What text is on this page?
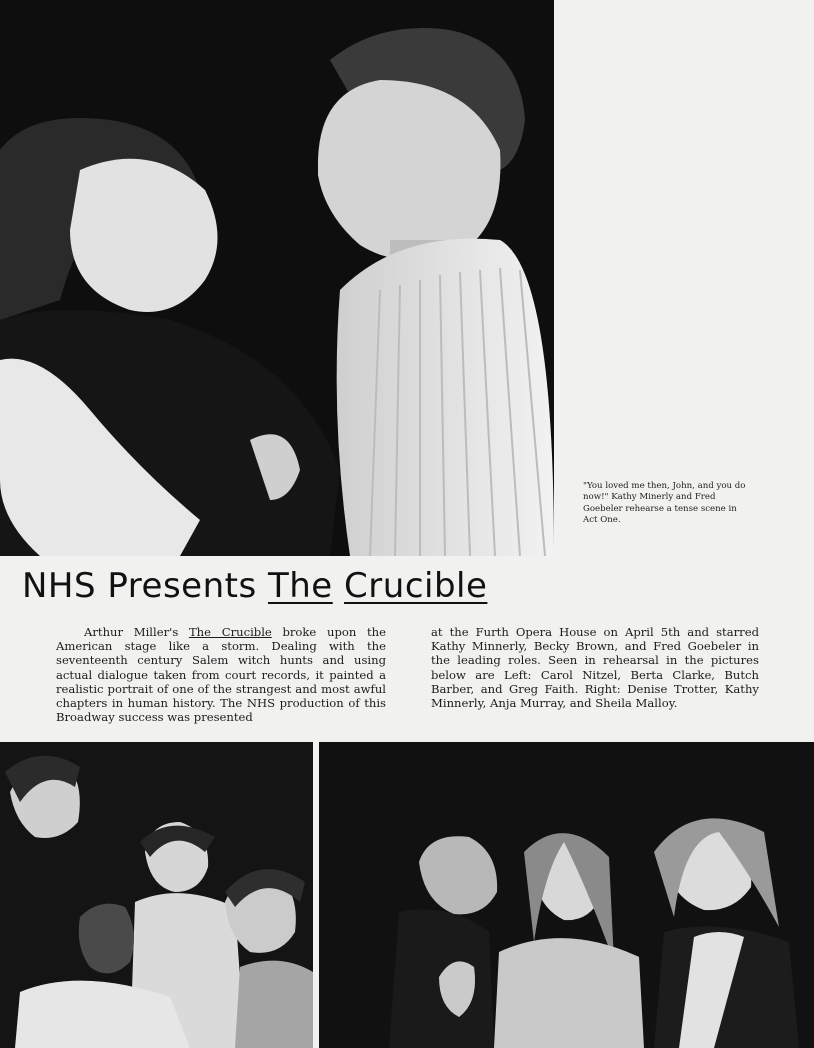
"You loved me then, John, and you do now!" Kathy Minerly and Fred Goebeler rehearse a tense scene in Act One.
NHS Presents The Crucible
Arthur Miller's The Crucible broke upon the American stage like a storm. Dealing with the seventeenth century Salem witch hunts and using actual dialogue taken from court records, it painted a realistic portrait of one of the strangest and most awful chapters in human history. The NHS production of this Broadway success was presented
at the Furth Opera House on April 5th and starred Kathy Minnerly, Becky Brown, and Fred Goebeler in the leading roles. Seen in rehearsal in the pictures below are Left: Carol Nitzel, Berta Clarke, Butch Barber, and Greg Faith. Right: Denise Trotter, Kathy Minnerly, Anja Murray, and Sheila Malloy.
